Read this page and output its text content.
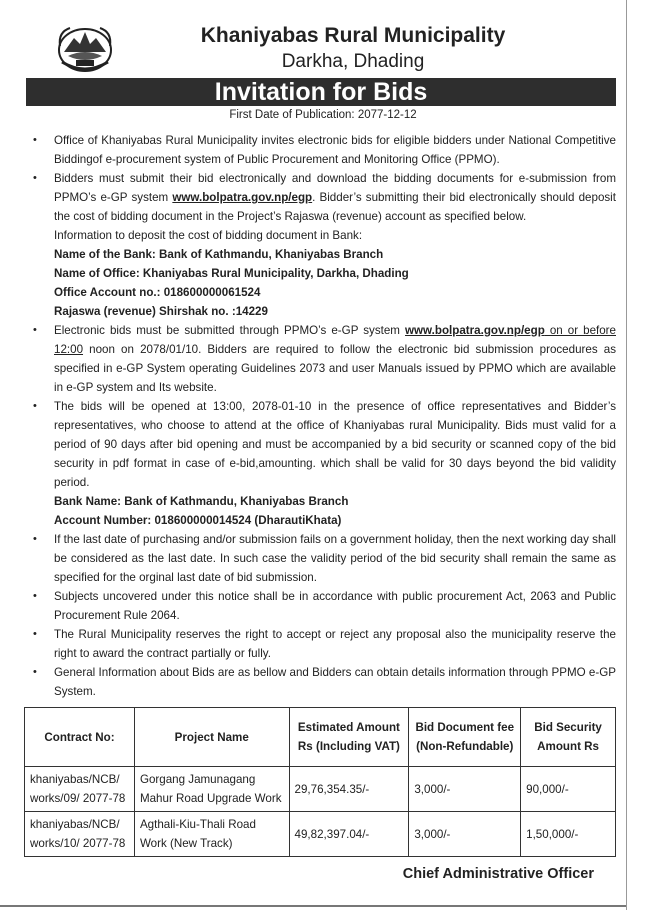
Khaniyabas Rural Municipality
Darkha, Dhading
Invitation for Bids
First Date of Publication: 2077-12-12
• Office of Khaniyabas Rural Municipality invites electronic bids for eligible bidders under National Competitive Biddingof e-procurement system of Public Procurement and Monitoring Office (PPMO).
• Bidders must submit their bid electronically and download the bidding documents for e-submission from PPMO’s e-GP system www.bolpatra.gov.np/egp. Bidder’s submitting their bid electronically should deposit the cost of bidding document in the Project’s Rajaswa (revenue) account as specified below.
Information to deposit the cost of bidding document in Bank:
Name of the Bank: Bank of Kathmandu, Khaniyabas Branch
Name of Office: Khaniyabas Rural Municipality, Darkha, Dhading
Office Account no.: 018600000061524
Rajaswa (revenue) Shirshak no. :14229
• Electronic bids must be submitted through PPMO’s e-GP system www.bolpatra.gov.np/egp on or before 12:00 noon on 2078/01/10. Bidders are required to follow the electronic bid submission procedures as specified in e-GP System operating Guidelines 2073 and user Manuals issued by PPMO which are available in e-GP system and Its website.
• The bids will be opened at 13:00, 2078-01-10 in the presence of office representatives and Bidder’s representatives, who choose to attend at the office of Khaniyabas rural Municipality. Bids must valid for a period of 90 days after bid opening and must be accompanied by a bid security or scanned copy of the bid security in pdf format in case of e-bid,amounting. which shall be valid for 30 days beyond the bid validity period.
Bank Name: Bank of Kathmandu, Khaniyabas Branch
Account Number: 018600000014524 (DharautiKhata)
• If the last date of purchasing and/or submission fails on a government holiday, then the next working day shall be considered as the last date. In such case the validity period of the bid security shall remain the same as specified for the orginal last date of bid submission.
• Subjects uncovered under this notice shall be in accordance with public procurement Act, 2063 and Public Procurement Rule 2064.
• The Rural Municipality reserves the right to accept or reject any proposal also the municipality reserve the right to award the contract partially or fully.
• General Information about Bids are as bellow and Bidders can obtain details information through PPMO e-GP System.
Contract No:	Project Name	Estimated Amount Rs (Including VAT)	Bid Document fee (Non-Refundable)	Bid Security Amount Rs
khaniyabas/NCB/ works/09/ 2077-78	Gorgang Jamunagang Mahur Road Upgrade Work	29,76,354.35/-	3,000/-	90,000/-
khaniyabas/NCB/ works/10/ 2077-78	Agthali-Kiu-Thali Road Work (New Track)	49,82,397.04/-	3,000/-	1,50,000/-
Chief Administrative Officer
